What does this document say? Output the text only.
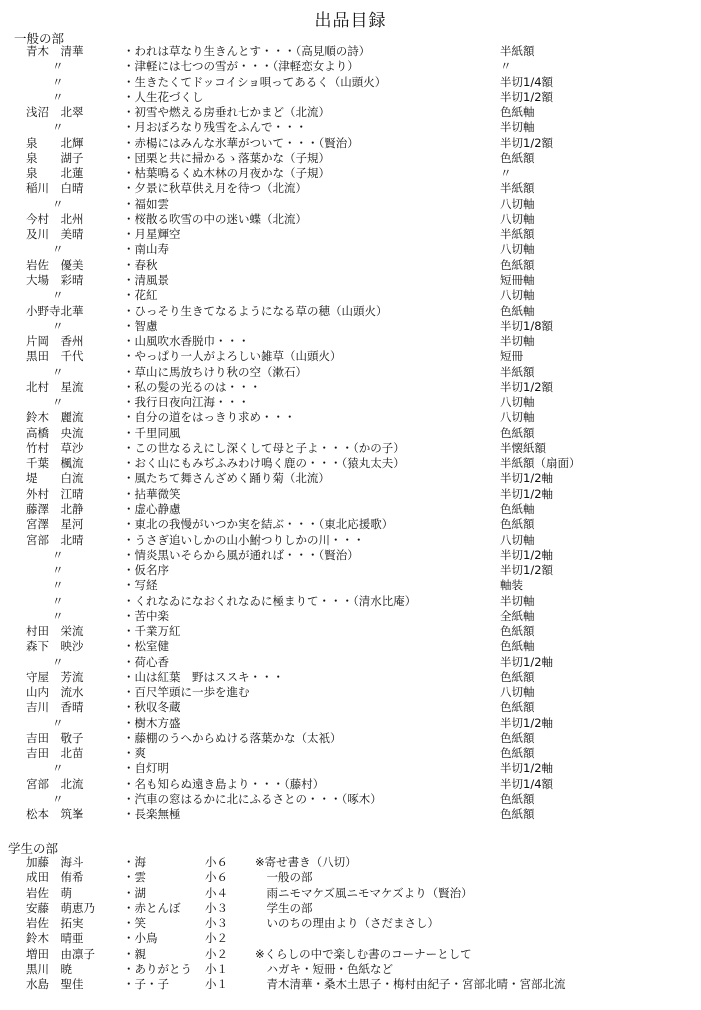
出品目録
一般の部
青木　清華	・われは草なり生きんとす・・・（高見順の詩）	半紙額
〃	・津軽には七つの雪が・・・（津軽恋女より）	〃
〃	・生きたくてドッコイショ唄ってあるく（山頭火）	半切1/4額
〃	・人生花づくし	半切1/2額
浅沼　北翠	・初雪や燃える房垂れ七かまど（北流）	色紙軸
〃	・月おぼろなり残雪をふんで・・・	半切軸
泉　　北輝	・赤楊にはみんな氷華がついて・・・（賢治）	半切1/2額
泉　　湖子	・団栗と共に掃かるゝ落葉かな（子規）	色紙額
泉　　北蓮	・枯葉鳴るくぬ木林の月夜かな（子規）	〃
稲川　白晴	・夕景に秋草供え月を待つ（北流）	半紙額
〃	・福如雲	八切軸
今村　北州	・桜散る吹雪の中の迷い蝶（北流）	八切軸
及川　美晴	・月星輝空	半紙額
〃	・南山寿	八切軸
岩佐　優美	・春秋	色紙額
大場　彩晴	・清風景	短冊軸
〃	・花紅	八切軸
小野寺北華	・ひっそり生きてなるようになる草の穂（山頭火）	色紙軸
〃	・智慮	半切1/8額
片岡　香州	・山風吹水香脱巾・・・	半切軸
黒田　千代	・やっぱり一人がよろしい雑草（山頭火）	短冊
〃	・草山に馬放ちけり秋の空（漱石）	半紙額
北村　星流	・私の髪の光るのは・・・	半切1/2額
〃	・我行日夜向江海・・・	八切軸
鈴木　麗流	・自分の道をはっきり求め・・・	八切軸
高橋　央流	・千里同風	色紙額
竹村　草沙	・この世なるえにし深くして母と子よ・・・（かの子）	半懐紙額
千葉　楓流	・おく山にもみぢふみわけ鳴く鹿の・・・（猿丸太夫）	半紙額（扇面）
堤　　白流	・風たちて舞さんざめく踊り菊（北流）	半切1/2軸
外村　江晴	・拈華微笑	半切1/2軸
藤澤　北静	・虚心静慮	色紙軸
宮澤　星河	・東北の我慢がいつか実を結ぶ・・・（東北応援歌）	色紙額
宮部　北晴	・うさぎ追いしかの山小鮒つりしかの川・・・	八切軸
〃	・情炎黒いそらから風が通れば・・・（賢治）	半切1/2軸
〃	・仮名序	半切1/2額
〃	・写経	軸装
〃	・くれなゐになおくれなゐに極まりて・・・（清水比庵）	半切軸
〃	・苦中楽	全紙軸
村田　栄流	・千業万紅	色紙額
森下　映沙	・松室健	色紙軸
〃	・荷心香	半切1/2軸
守屋　芳流	・山は紅葉　野はススキ・・・	色紙額
山内　流水	・百尺竿頭に一歩を進む	八切軸
吉川　香晴	・秋収冬蔵	色紙額
〃	・樹木方盛	半切1/2軸
吉田　敬子	・藤棚のうへからぬける落葉かな（太祇）	色紙額
吉田　北苗	・爽	色紙額
〃	・自灯明	半切1/2軸
宮部　北流	・名も知らぬ遠き島より・・・（藤村）	半切1/4額
〃	・汽車の窓はるかに北にふるさとの・・・（啄木）	色紙額
松本　筑峯	・長楽無極	色紙額
学生の部
加藤　海斗	・海	小６ ※寄せ書き（八切）
成田　侑希	・雲	小６ 　一般の部
岩佐　萌	・湖	小４ 　雨ニモマケズ風ニモマケズより（賢治）
安藤　萌恵乃 ・赤とんぼ 小３ 　学生の部
岩佐　拓実	・笑	小３ 　いのちの理由より（さだまさし）
鈴木　晴亜	・小鳥	小２
増田　由凛子 ・親	小２ ※くらしの中で楽しむ書のコーナーとして
黒川　暁	・ありがとう 小１ 　ハガキ・短冊・色紙など
水島　聖佳	・子・子	小１ 　青木清華・桑木土思子・梅村由紀子・宮部北晴・宮部北流
